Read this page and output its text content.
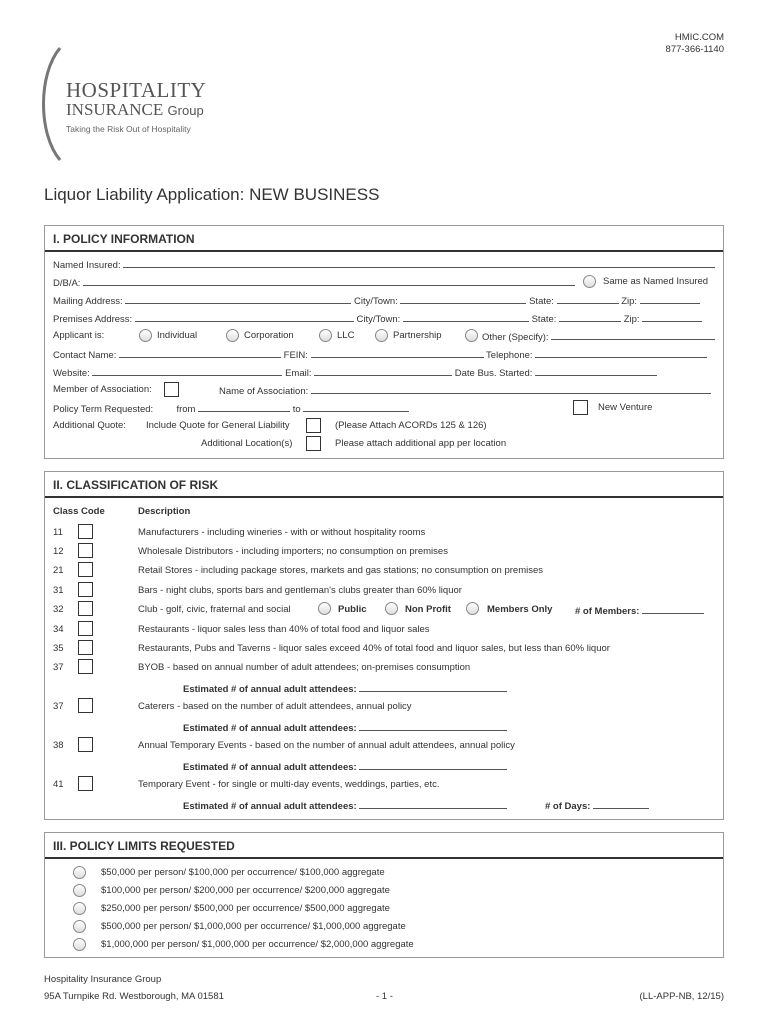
HMIC.COM
877-366-1140
HOSPITALITY
INSURANCE Group
Taking the Risk Out of Hospitality
Liquor Liability Application: NEW BUSINESS
I. POLICY INFORMATION
Named Insured:
D/B/A:	Same as Named Insured
Mailing Address:	City/Town:	State:	Zip:
Premises Address:	City/Town:	State:	Zip:
Applicant is:	Individual	Corporation	LLC	Partnership	Other (Specify):
Contact Name:	FEIN:	Telephone:
Website:	Email:	Date Bus. Started:
Member of Association:	Name of Association:
Policy Term Requested: from	to	New Venture
Additional Quote: Include Quote for General Liability	(Please Attach ACORDs 125 & 126)
Additional Location(s)	Please attach additional app per location
II. CLASSIFICATION OF RISK
Class Code	Description
11	Manufacturers - including wineries - with or without hospitality rooms
12	Wholesale Distributors - including importers; no consumption on premises
21	Retail Stores - including package stores, markets and gas stations; no consumption on premises
31	Bars - night clubs, sports bars and gentleman's clubs greater than 60% liquor
32	Club - golf, civic, fraternal and social	Public	Non Profit	Members Only # of Members:
34	Restaurants - liquor sales less than 40% of total food and liquor sales
35	Restaurants, Pubs and Taverns - liquor sales exceed 40% of total food and liquor sales, but less than 60% liquor
37	BYOB - based on annual number of adult attendees; on-premises consumption
Estimated # of annual adult attendees:
37	Caterers - based on the number of adult attendees, annual policy
Estimated # of annual adult attendees:
38	Annual Temporary Events - based on the number of annual adult attendees, annual policy
Estimated # of annual adult attendees:
41	Temporary Event - for single or multi-day events, weddings, parties, etc.
Estimated # of annual adult attendees:	# of Days:
III. POLICY LIMITS REQUESTED
$50,000 per person/ $100,000 per occurrence/ $100,000 aggregate
$100,000 per person/ $200,000 per occurrence/ $200,000 aggregate
$250,000 per person/ $500,000 per occurrence/ $500,000 aggregate
$500,000 per person/ $1,000,000 per occurrence/ $1,000,000 aggregate
$1,000,000 per person/ $1,000,000 per occurrence/ $2,000,000 aggregate
Hospitality Insurance Group
95A Turnpike Rd. Westborough, MA 01581	- 1 -	(LL-APP-NB, 12/15)
